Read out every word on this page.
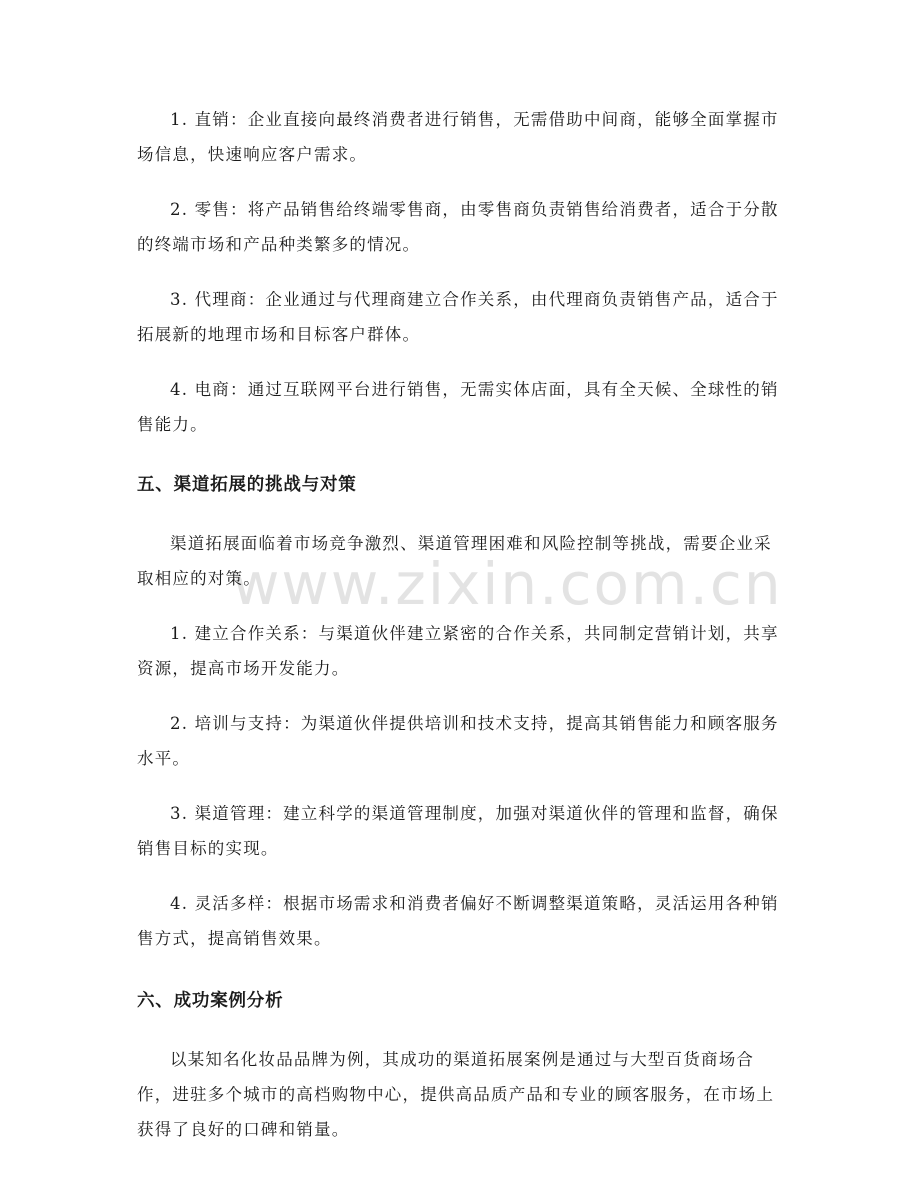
www.zixin.com.cn

1. 直销：企业直接向最终消费者进行销售，无需借助中间商，能够全面掌握市场信息，快速响应客户需求。

2. 零售：将产品销售给终端零售商，由零售商负责销售给消费者，适合于分散的终端市场和产品种类繁多的情况。

3. 代理商：企业通过与代理商建立合作关系，由代理商负责销售产品，适合于拓展新的地理市场和目标客户群体。

4. 电商：通过互联网平台进行销售，无需实体店面，具有全天候、全球性的销售能力。

五、渠道拓展的挑战与对策

渠道拓展面临着市场竞争激烈、渠道管理困难和风险控制等挑战，需要企业采取相应的对策。

1. 建立合作关系：与渠道伙伴建立紧密的合作关系，共同制定营销计划，共享资源，提高市场开发能力。

2. 培训与支持：为渠道伙伴提供培训和技术支持，提高其销售能力和顾客服务水平。

3. 渠道管理：建立科学的渠道管理制度，加强对渠道伙伴的管理和监督，确保销售目标的实现。

4. 灵活多样：根据市场需求和消费者偏好不断调整渠道策略，灵活运用各种销售方式，提高销售效果。

六、成功案例分析

以某知名化妆品品牌为例，其成功的渠道拓展案例是通过与大型百货商场合作，进驻多个城市的高档购物中心，提供高品质产品和专业的顾客服务，在市场上获得了良好的口碑和销量。
